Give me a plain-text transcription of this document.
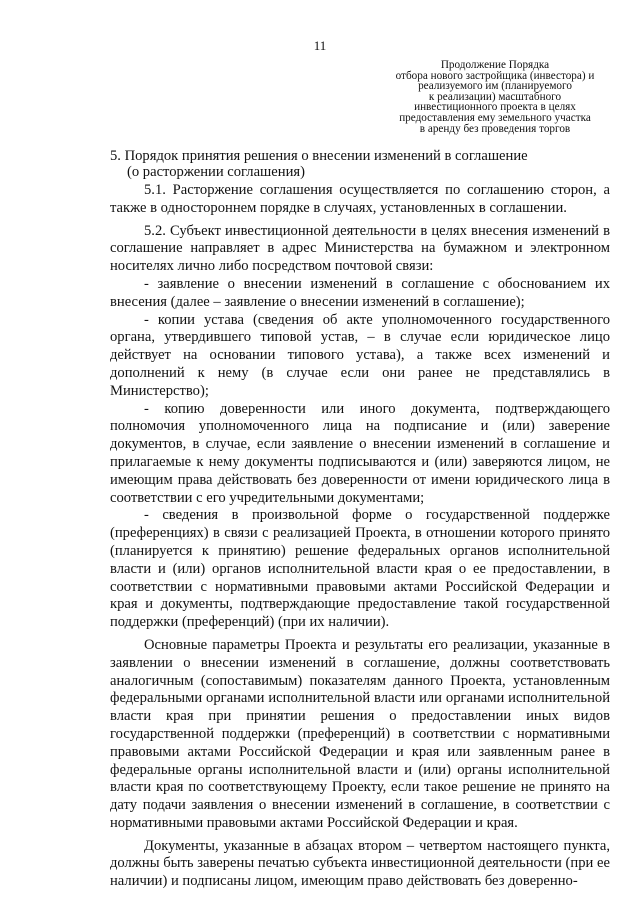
11
Продолжение Порядка
отбора нового застройщика (инвестора) и
реализуемого им (планируемого
к реализации) масштабного
инвестиционного проекта в целях
предоставления ему земельного участка
в аренду без проведения торгов
5. Порядок принятия решения о внесении изменений в соглашение
(о расторжении соглашения)

5.1. Расторжение соглашения осуществляется по соглашению сторон, а также в одностороннем порядке в случаях, установленных в соглашении.

5.2. Субъект инвестиционной деятельности в целях внесения изменений в соглашение направляет в адрес Министерства на бумажном и электронном носителях лично либо посредством почтовой связи:

- заявление о внесении изменений в соглашение с обоснованием их внесения (далее – заявление о внесении изменений в соглашение);

- копии устава (сведения об акте уполномоченного государственного органа, утвердившего типовой устав, – в случае если юридическое лицо действует на основании типового устава), а также всех изменений и дополнений к нему (в случае если они ранее не представлялись в Министерство);

- копию доверенности или иного документа, подтверждающего полномочия уполномоченного лица на подписание и (или) заверение документов, в случае, если заявление о внесении изменений в соглашение и прилагаемые к нему документы подписываются и (или) заверяются лицом, не имеющим права действовать без доверенности от имени юридического лица в соответствии с его учредительными документами;

- сведения в произвольной форме о государственной поддержке (преференциях) в связи с реализацией Проекта, в отношении которого принято (планируется к принятию) решение федеральных органов исполнительной власти и (или) органов исполнительной власти края о ее предоставлении, в соответствии с нормативными правовыми актами Российской Федерации и края и документы, подтверждающие предоставление такой государственной поддержки (преференций) (при их наличии).

Основные параметры Проекта и результаты его реализации, указанные в заявлении о внесении изменений в соглашение, должны соответствовать аналогичным (сопоставимым) показателям данного Проекта, установленным федеральными органами исполнительной власти или органами исполнительной власти края при принятии решения о предоставлении иных видов государственной поддержки (преференций) в соответствии с нормативными правовыми актами Российской Федерации и края или заявленным ранее в федеральные органы исполнительной власти и (или) органы исполнительной власти края по соответствующему Проекту, если такое решение не принято на дату подачи заявления о внесении изменений в соглашение, в соответствии с нормативными правовыми актами Российской Федерации и края.

Документы, указанные в абзацах втором – четвертом настоящего пункта, должны быть заверены печатью субъекта инвестиционной деятельности (при ее наличии) и подписаны лицом, имеющим право действовать без доверенно-
